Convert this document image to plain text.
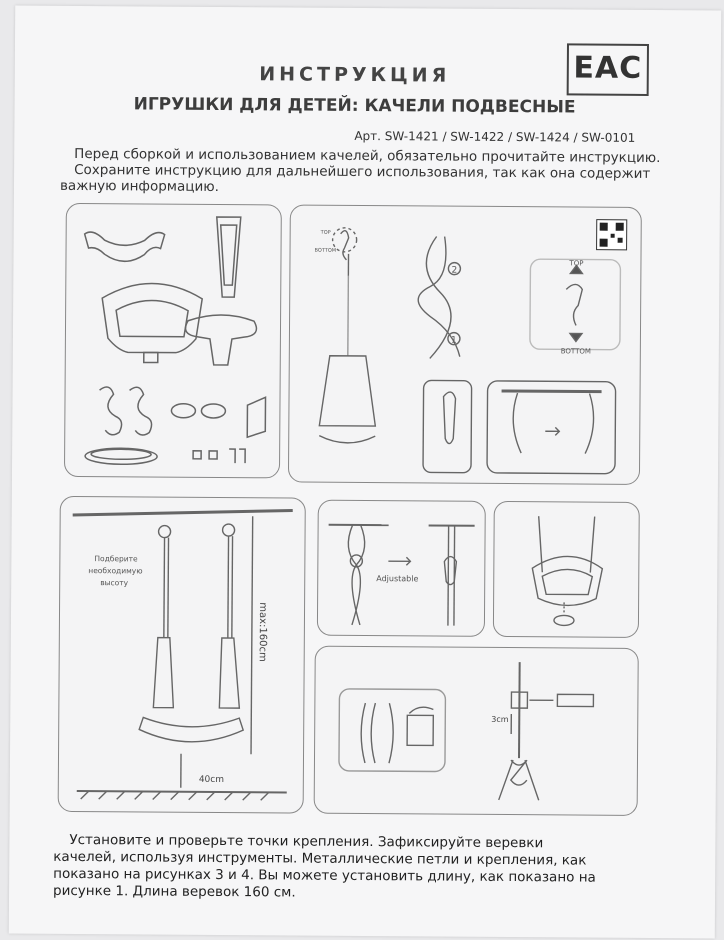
EAC
ИНСТРУКЦИЯ
ИГРУШКИ ДЛЯ ДЕТЕЙ: КАЧЕЛИ ПОДВЕСНЫЕ
Арт. SW-1421 / SW-1422 / SW-1424 / SW-0101

Перед сборкой и использованием качелей, обязательно прочитайте инструкцию.

Сохраните инструкцию для дальнейшего использования, так как она содержит

важную информацию.

TOP
BOTTOM
2
1
TOP
BOTTOM
Подберите
необходимую
высоту
max:160cm
40cm
Adjustable
3cm

Установите и проверьте точки крепления. Зафиксируйте веревки

качелей, используя инструменты. Металлические петли и крепления, как

показано на рисунках 3 и 4. Вы можете установить длину, как показано на

рисунке 1. Длина веревок 160 см.
